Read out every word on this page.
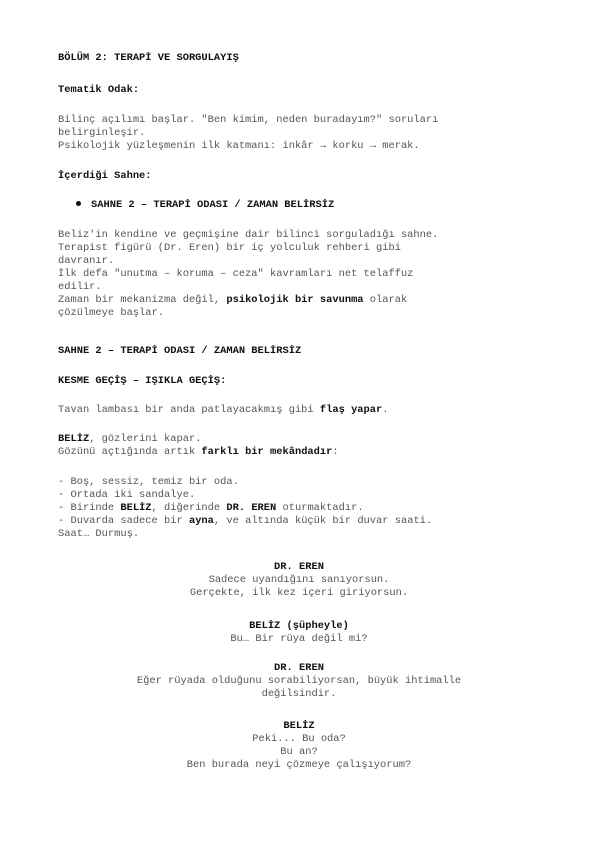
BÖLÜM 2: TERAPİ VE SORGULAYIŞ
Tematik Odak:
Bilinç açılımı başlar. "Ben kimim, neden buradayım?" soruları
belirginleşir.
Psikolojik yüzleşmenin ilk katmanı: inkâr → korku → merak.
İçerdiği Sahne:
SAHNE 2 – TERAPİ ODASI / ZAMAN BELİRSİZ
Beliz'in kendine ve geçmişine dair bilinci sorguladığı sahne.
Terapist figürü (Dr. Eren) bir iç yolculuk rehberi gibi
davranır.
İlk defa "unutma – koruma – ceza" kavramları net telaffuz
edilir.
Zaman bir mekanizma değil, psikolojik bir savunma olarak
çözülmeye başlar.
SAHNE 2 – TERAPİ ODASI / ZAMAN BELİRSİZ
KESME GEÇİŞ – IŞIKLA GEÇİŞ:
Tavan lambası bir anda patlayacakmış gibi flaş yapar.
BELİZ, gözlerini kapar.
Gözünü açtığında artık farklı bir mekândadır:
- Boş, sessiz, temiz bir oda.
- Ortada iki sandalye.
- Birinde BELİZ, diğerinde DR. EREN oturmaktadır.
- Duvarda sadece bir ayna, ve altında küçük bir duvar saati.
Saat… Durmuş.
DR. EREN
Sadece uyandığını sanıyorsun.
Gerçekte, ilk kez içeri giriyorsun.
BELİZ (şüpheyle)
Bu… Bir rüya değil mi?
DR. EREN
Eğer rüyada olduğunu sorabiliyorsan, büyük ihtimalle
değilsindir.
BELİZ
Peki... Bu oda?
Bu an?
Ben burada neyi çözmeye çalışıyorum?
